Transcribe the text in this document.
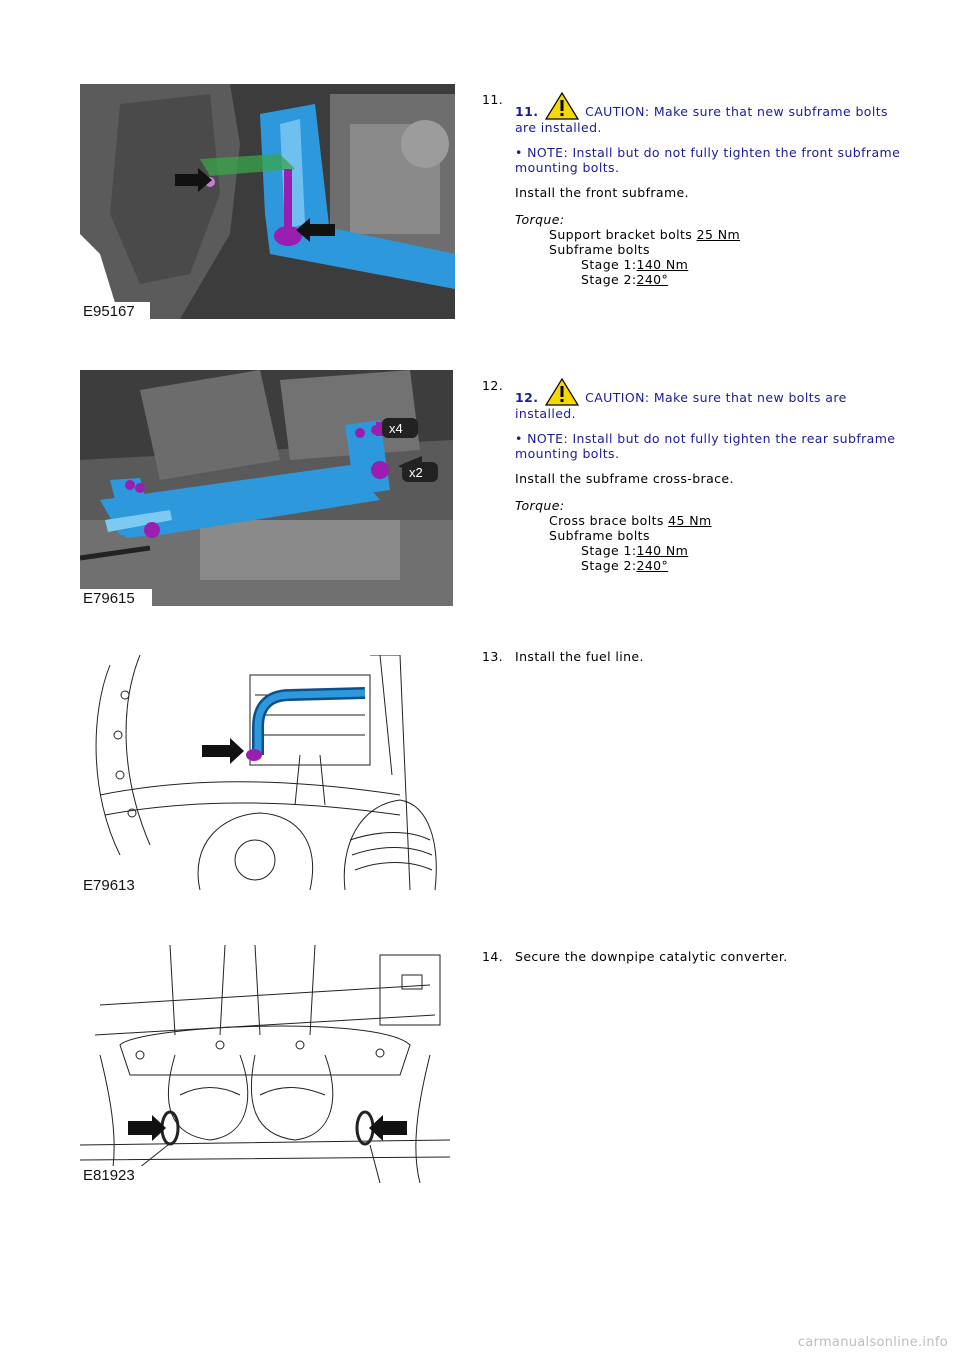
E95167
11.
11.	CAUTION: Make sure that new subframe bolts are installed.
• NOTE: Install but do not fully tighten the front subframe mounting bolts.
Install the front subframe.
Torque:
Support bracket bolts 25 Nm
Subframe bolts
Stage 1:140 Nm
Stage 2:240°
x4
x2
E79615
12.
12.	CAUTION: Make sure that new bolts are installed.
• NOTE: Install but do not fully tighten the rear subframe mounting bolts.
Install the subframe cross-brace.
Torque:
Cross brace bolts 45 Nm
Subframe bolts
Stage 1:140 Nm
Stage 2:240°
E79613
13. Install the fuel line.
E81923
14. Secure the downpipe catalytic converter.
carmanualsonline.info
